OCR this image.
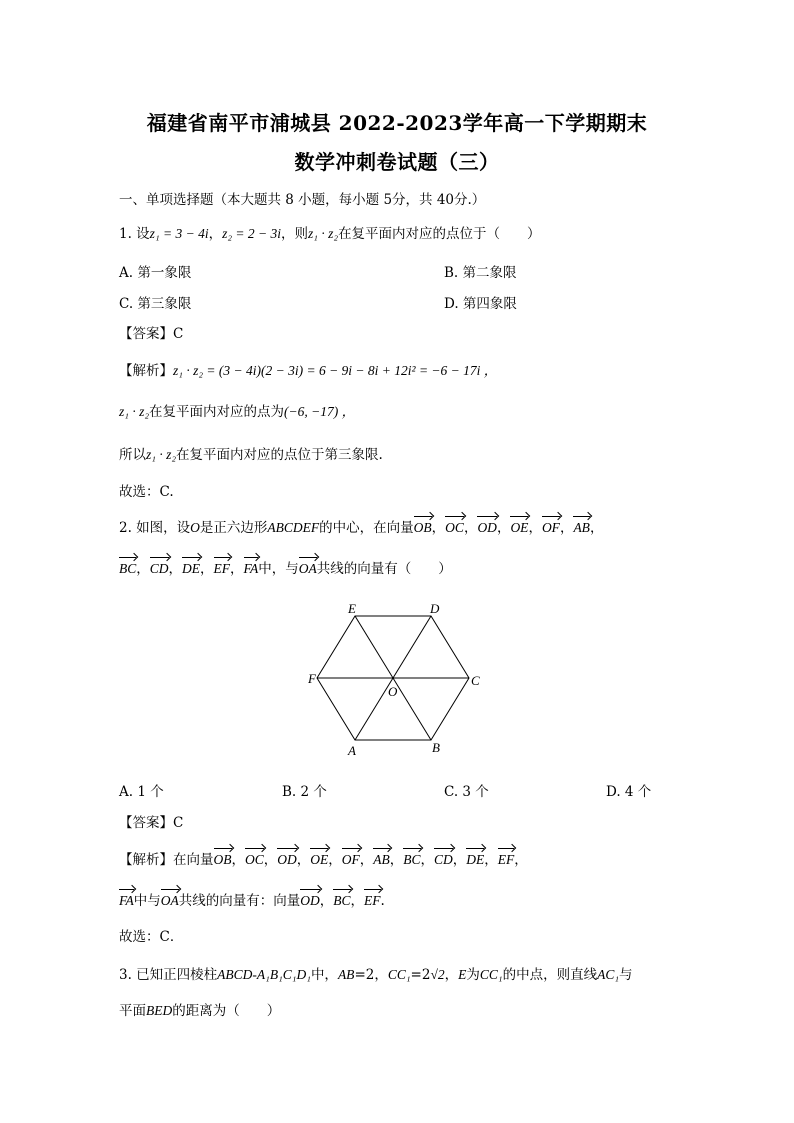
福建省南平市浦城县 2022-2023学年高一下学期期末
数学冲刺卷试题（三）
一、单项选择题（本大题共 8 小题，每小题 5分，共 40分.）
1. 设z₁ = 3 − 4i，z₂ = 2 − 3i，则z₁ · z₂在复平面内对应的点位于（　　）
A. 第一象限	B. 第二象限
C. 第三象限	D. 第四象限
【答案】C
【解析】z₁ · z₂ = (3 − 4i)(2 − 3i) = 6 − 9i − 8i + 12i² = −6 − 17i ，
z₁ · z₂在复平面内对应的点为(−6, −17) ，
所以z₁ · z₂在复平面内对应的点位于第三象限.
故选：C.
2. 如图，设O是正六边形ABCDEF的中心，在向量OB，OC，OD，OE，OF，AB，
BC，CD，DE，EF，FA中，与OA共线的向量有（　　）
A	B
C
D
E
F
O
A. 1 个	B. 2 个	C. 3 个	D. 4 个
【答案】C
【解析】在向量OB，OC，OD，OE，OF，AB，BC，CD，DE，EF，
FA中与OA共线的向量有：向量OD，BC，EF.
故选：C．
3. 已知正四棱柱ABCD-A₁B₁C₁D₁中，AB=2，CC₁=2√2，E为CC₁的中点，则直线AC₁与
平面BED的距离为（　　）
